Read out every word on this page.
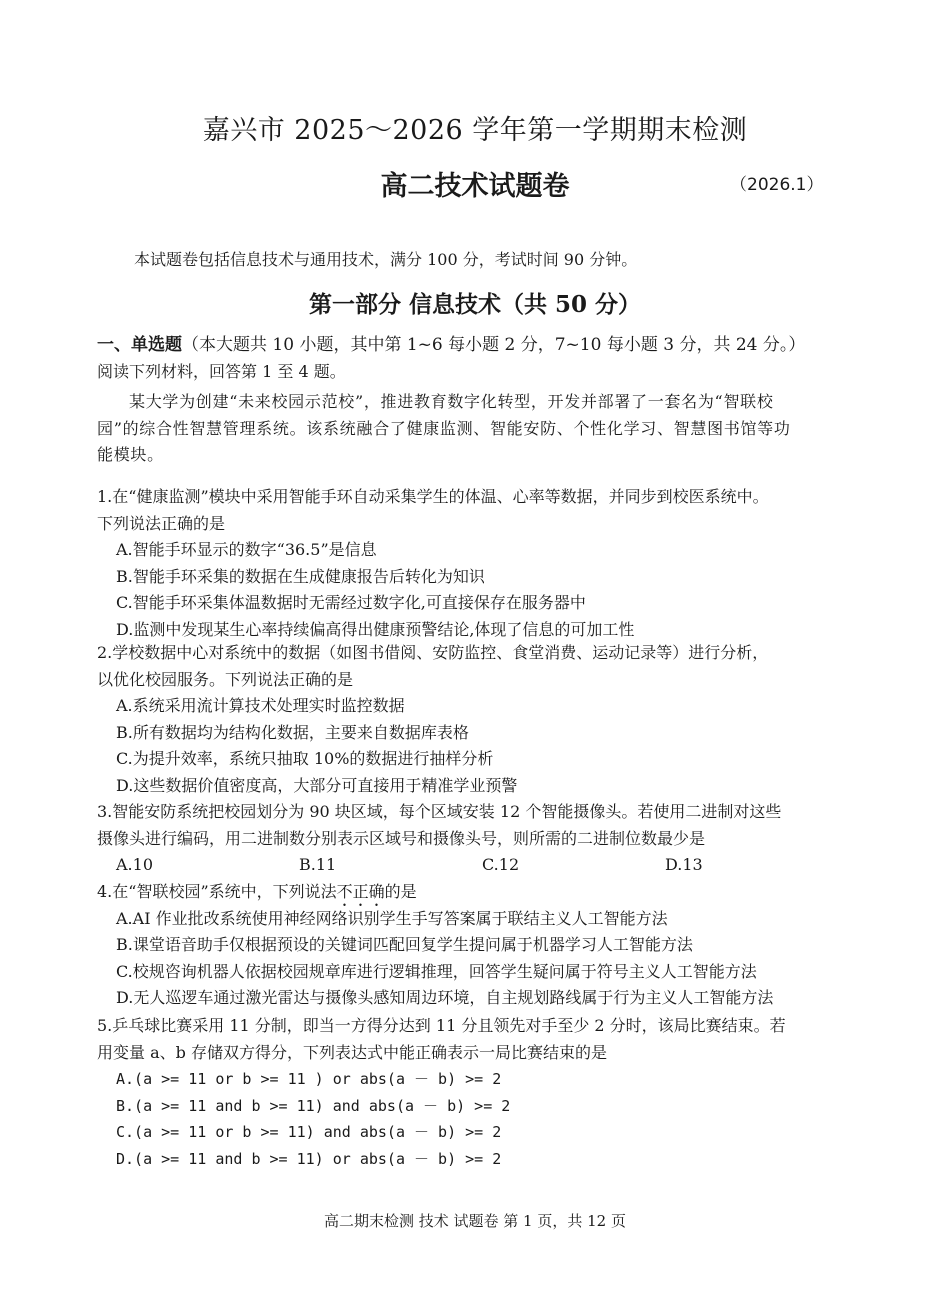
嘉兴市 2025～2026 学年第一学期期末检测
高二技术试题卷	（2026.1）
本试题卷包括信息技术与通用技术，满分 100 分，考试时间 90 分钟。
第一部分 信息技术（共 50 分）
一、单选题（本大题共 10 小题，其中第 1~6 每小题 2 分，7~10 每小题 3 分，共 24 分。）
阅读下列材料，回答第 1 至 4 题。
某大学为创建“未来校园示范校”，推进教育数字化转型，开发并部署了一套名为“智联校
园”的综合性智慧管理系统。该系统融合了健康监测、智能安防、个性化学习、智慧图书馆等功
能模块。
1.在“健康监测”模块中采用智能手环自动采集学生的体温、心率等数据，并同步到校医系统中。
下列说法正确的是
A.智能手环显示的数字“36.5”是信息
B.智能手环采集的数据在生成健康报告后转化为知识
C.智能手环采集体温数据时无需经过数字化,可直接保存在服务器中
D.监测中发现某生心率持续偏高得出健康预警结论,体现了信息的可加工性
2.学校数据中心对系统中的数据（如图书借阅、安防监控、食堂消费、运动记录等）进行分析，
以优化校园服务。下列说法正确的是
A.系统采用流计算技术处理实时监控数据
B.所有数据均为结构化数据，主要来自数据库表格
C.为提升效率，系统只抽取 10%的数据进行抽样分析
D.这些数据价值密度高，大部分可直接用于精准学业预警
3.智能安防系统把校园划分为 90 块区域，每个区域安装 12 个智能摄像头。若使用二进制对这些
摄像头进行编码，用二进制数分别表示区域号和摄像头号，则所需的二进制位数最少是
A.10	B.11	C.12	D.13
4.在“智联校园”系统中，下列说法不正确的是
A.AI 作业批改系统使用神经网络识别学生手写答案属于联结主义人工智能方法
B.课堂语音助手仅根据预设的关键词匹配回复学生提问属于机器学习人工智能方法
C.校规咨询机器人依据校园规章库进行逻辑推理，回答学生疑问属于符号主义人工智能方法
D.无人巡逻车通过激光雷达与摄像头感知周边环境，自主规划路线属于行为主义人工智能方法
5.乒乓球比赛采用 11 分制，即当一方得分达到 11 分且领先对手至少 2 分时，该局比赛结束。若
用变量 a、b 存储双方得分，下列表达式中能正确表示一局比赛结束的是
A.(a >= 11 or b >= 11 ) or abs(a － b) >= 2
B.(a >= 11 and b >= 11) and abs(a － b) >= 2
C.(a >= 11 or b >= 11) and abs(a － b) >= 2
D.(a >= 11 and b >= 11) or abs(a － b) >= 2
高二期末检测 技术 试题卷 第 1 页，共 12 页
